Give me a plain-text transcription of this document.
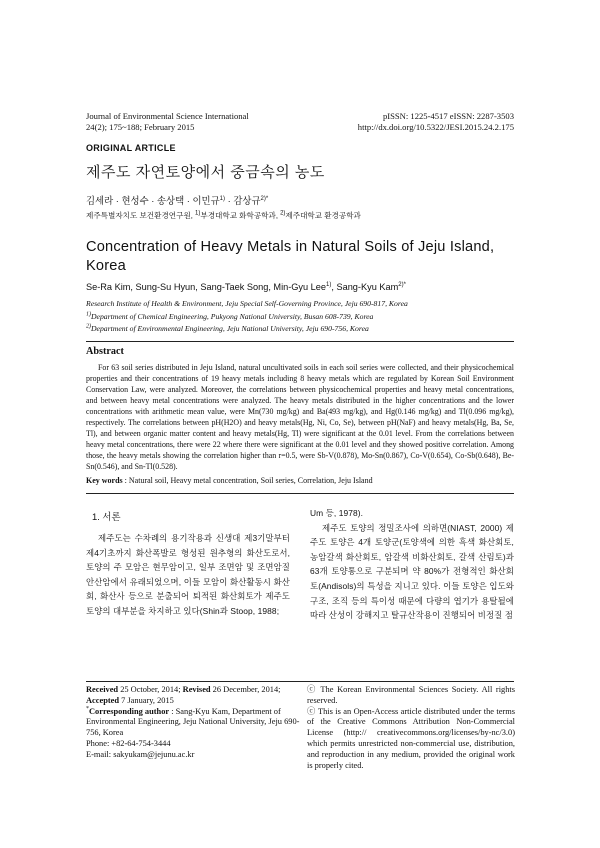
Journal of Environmental Science International
24(2); 175~188; February 2015
pISSN: 1225-4517 eISSN: 2287-3503
http://dx.doi.org/10.5322/JESI.2015.24.2.175
ORIGINAL ARTICLE
제주도 자연토양에서 중금속의 농도
김세라 · 현성수 · 송상택 · 이민규$^{1)}$ · 감상규$^{2)*}$
제주특별자치도 보건환경연구원, $^{1)}$부경대학교 화학공학과, $^{2)}$제주대학교 환경공학과
Concentration of Heavy Metals in Natural Soils of Jeju Island,
Korea
Se-Ra Kim, Sung-Su Hyun, Sang-Taek Song, Min-Gyu Lee$^{1)}$, Sang-Kyu Kam$^{2)*}$
Research Institute of Health & Environment, Jeju Special Self-Governing Province, Jeju 690-817, Korea
$^{1)}$Department of Chemical Engineering, Pukyong National University, Busan 608-739, Korea
$^{2)}$Department of Environmental Engineering, Jeju National University, Jeju 690-756, Korea
Abstract
For 63 soil series distributed in Jeju Island, natural uncultivated soils in each soil series were collected, and their physicochemical properties and their concentrations of 19 heavy metals including 8 heavy metals which are regulated by Korean Soil Environment Conservation Law, were analyzed. Moreover, the correlations between physicochemical properties and heavy metal concentrations, and between heavy metal concentrations were analyzed. The heavy metals distributed in the higher concentrations and the lower concentrations with arithmetic mean value, were Mn(730 mg/kg) and Ba(493 mg/kg), and Hg(0.146 mg/kg) and Tl(0.096 mg/kg), respectively. The correlations between pH(H2O) and heavy metals(Hg, Ni, Co, Se), between pH(NaF) and heavy metals(Hg, Ba, Se, Tl), and between organic matter content and heavy metals(Hg, Tl) were significant at the 0.01 level. From the correlations between heavy metal concentrations, there were 22 where there were significant at the 0.01 level and they showed positive correlation. Among those, the heavy metals showing the correlation higher than r=0.5, were Sb-V(0.878), Mo-Sn(0.867), Co-V(0.654), Co-Sb(0.648), Be-Sn(0.546), and Sn-Tl(0.528).
Key words : Natural soil, Heavy metal concentration, Soil series, Correlation, Jeju Island
1. 서론

제주도는 수차례의 용기작용과 신생대 제3기말부터 제4기초까지 화산폭발로 형성된 원추형의 화산도로서, 토양의 주 모암은 현무암이고, 일부 조면암 및 조면암질 안산암에서 유래되었으며, 이들 모암이 화산활동시 화산회, 화산사 등으로 분출되어 퇴적된 화산회토가 제주도 토양의 대부분을 차지하고 있다(Shin과 Stoop, 1988;

Um 등, 1978).

제주도 토양의 정밀조사에 의하면(NIAST, 2000) 제주도 토양은 4개 토양군(토양색에 의한 흑색 화산회토, 농암갈색 화산회토, 암갈색 비화산회토, 갈색 산림토)과 63개 토양통으로 구분되며 약 80%가 전형적인 화산회토(Andisols)의 특성을 지니고 있다. 이들 토양은 입도와 구조, 조직 등의 특이성 때문에 다량의 엽기가 용탈될에 따라 산성이 강해지고 탈규산작용이 진행되어 비정질 점

Received 25 October, 2014; Revised 26 December, 2014;
Accepted 7 January, 2015
*Corresponding author : Sang-Kyu Kam, Department of Environmental Engineering, Jeju National University, Jeju 690-756, Korea
Phone: +82-64-754-3444
E-mail: sakyukam@jejunu.ac.kr
ⓒ The Korean Environmental Sciences Society. All rights reserved.
ⓒ This is an Open-Access article distributed under the terms of the Creative Commons Attribution Non-Commercial License (http:// creativecommons.org/licenses/by-nc/3.0) which permits unrestricted non-commercial use, distribution, and reproduction in any medium, provided the original work is properly cited.
